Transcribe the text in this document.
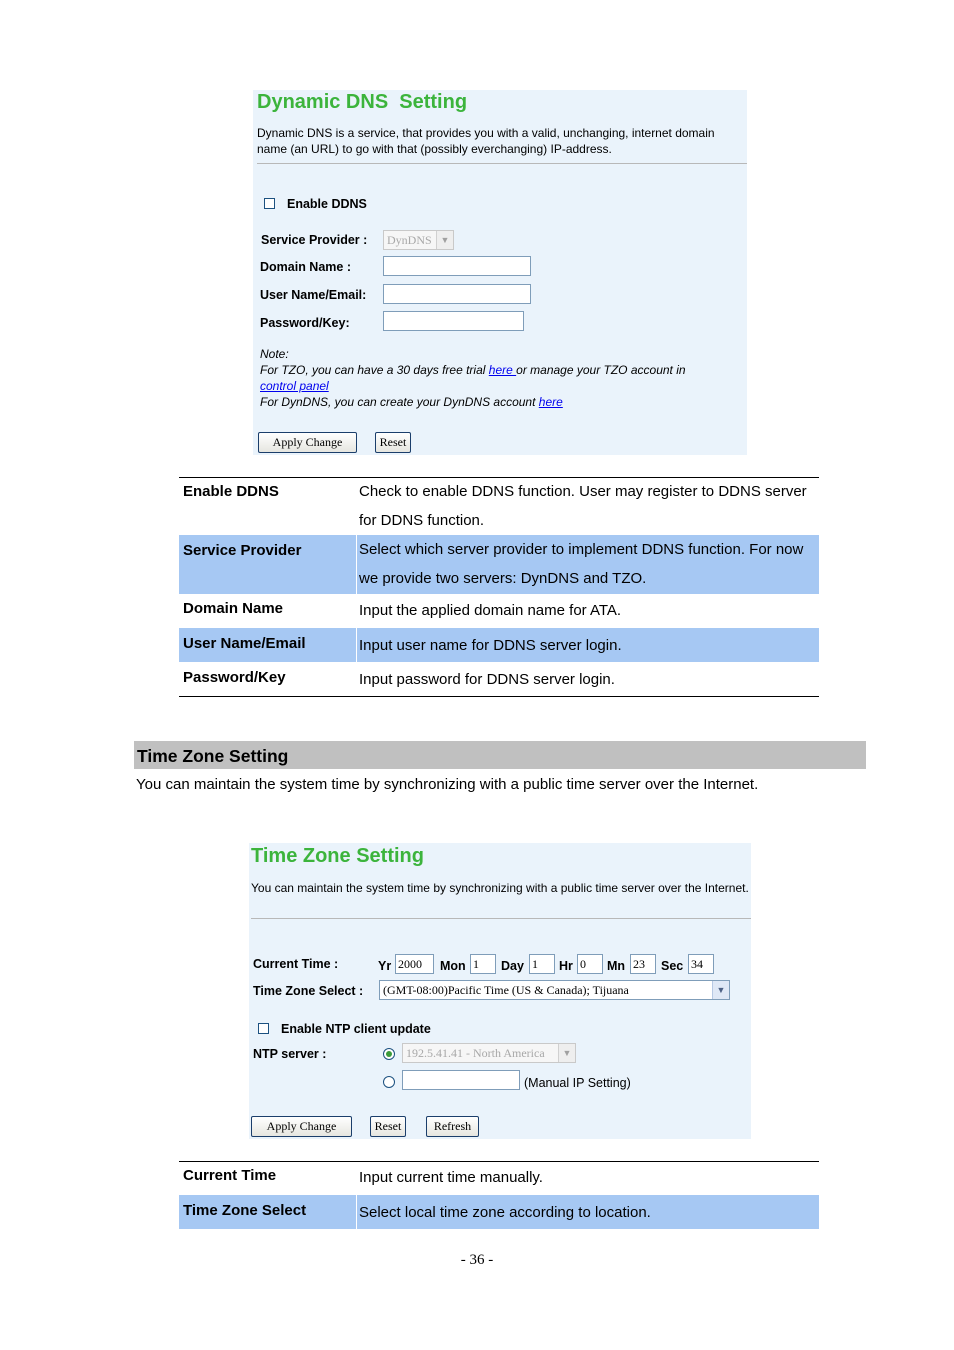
Dynamic DNS  Setting
Dynamic DNS is a service, that provides you with a valid, unchanging, internet domain name (an URL) to go with that (possibly everchanging) IP-address.
Enable DDNS
Service Provider :	DynDNS ▼
Domain Name :
User Name/Email:
Password/Key:
Note:
For TZO, you can have a 30 days free trial here or manage your TZO account in
control panel
For DynDNS, you can create your DynDNS account here
Apply Change	Reset
Enable DDNS	Check to enable DDNS function. User may register to DDNS server for DDNS function.
Service Provider	Select which server provider to implement DDNS function. For now we provide two servers: DynDNS and TZO.
Domain Name	Input the applied domain name for ATA.
User Name/Email	Input user name for DDNS server login.
Password/Key	Input password for DDNS server login.
Time Zone Setting
You can maintain the system time by synchronizing with a public time server over the Internet.
Time Zone Setting
You can maintain the system time by synchronizing with a public time server over the Internet.
Current Time :	Yr 2000	Mon 1	Day 1	Hr 0	Mn 23	Sec 34
Time Zone Select :	(GMT-08:00)Pacific Time (US & Canada); Tijuana	▼
Enable NTP client update
NTP server :	192.5.41.41 - North America	▼
(Manual IP Setting)
Apply Change	Reset	Refresh
Current Time	Input current time manually.
Time Zone Select	Select local time zone according to location.
- 36 -
